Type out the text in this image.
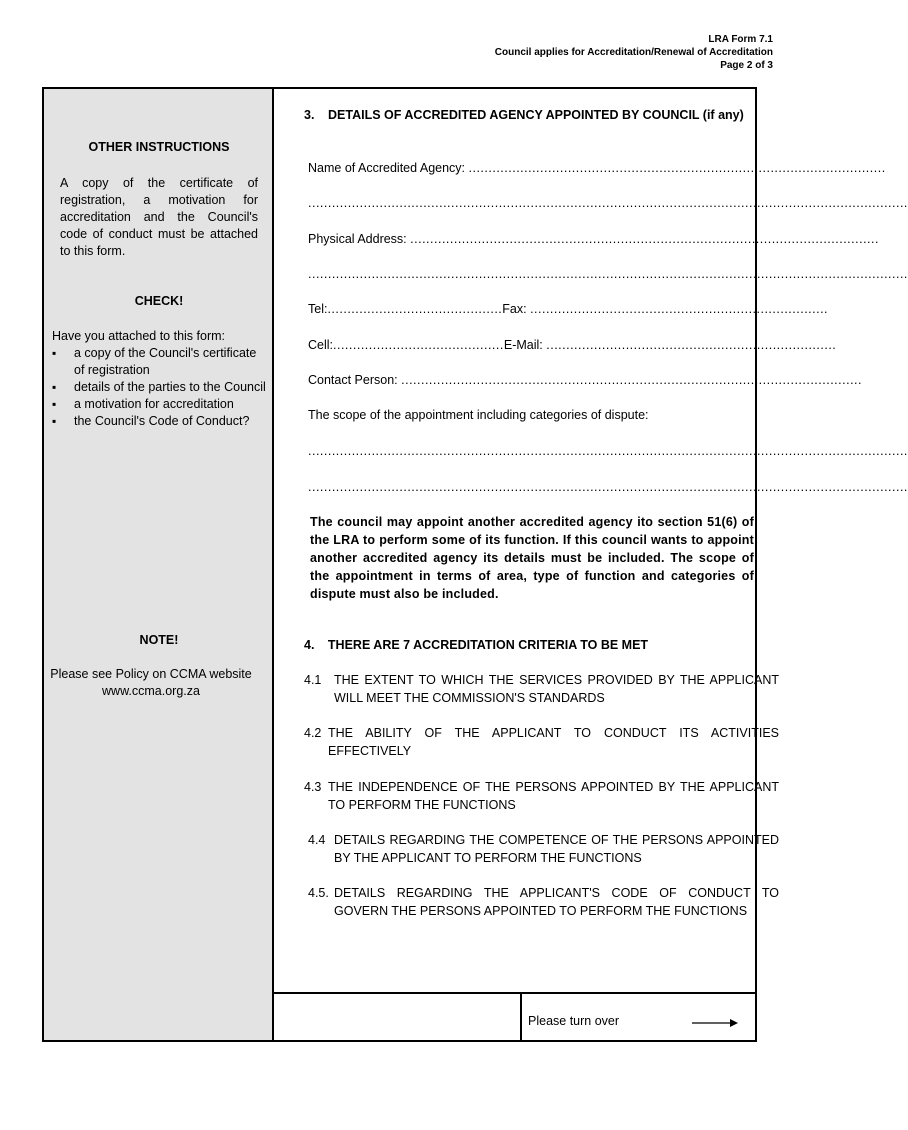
LRA Form 7.1
Council applies for Accreditation/Renewal of Accreditation
Page 2 of 3
OTHER INSTRUCTIONS
A copy of the certificate of registration, a motivation for accreditation and the Council's code of conduct must be attached to this form.
CHECK!
Have you attached to this form:
▪ a copy of the Council's certificate of registration
▪ details of the parties to the Council
▪ a motivation for accreditation
▪ the Council's Code of Conduct?
NOTE!
Please see Policy on CCMA website
www.ccma.org.za
3. DETAILS OF ACCREDITED AGENCY APPOINTED BY COUNCIL (if any)
Name of Accredited Agency: .........................................................................................................
.......................................................................................................................................................
Physical Address: ......................................................................................................................
.......................................................................................................................................................
Tel:............................................Fax: ...........................................................................
Cell:...........................................E-Mail: .........................................................................
Contact Person: ....................................................................................................................
The scope of the appointment including categories of dispute:
.......................................................................................................................................................
.......................................................................................................................................................
The council may appoint another accredited agency ito section 51(6) of the LRA to perform some of its function. If this council wants to appoint another accredited agency its details must be included. The scope of the appointment in terms of area, type of function and categories of dispute must also be included.
4. THERE ARE 7 ACCREDITATION CRITERIA TO BE MET
4.1 THE EXTENT TO WHICH THE SERVICES PROVIDED BY THE APPLICANT WILL MEET THE COMMISSION'S STANDARDS
4.2 THE ABILITY OF THE APPLICANT TO CONDUCT ITS ACTIVITIES EFFECTIVELY
4.3 THE INDEPENDENCE OF THE PERSONS APPOINTED BY THE APPLICANT TO PERFORM THE FUNCTIONS
4.4 DETAILS REGARDING THE COMPETENCE OF THE PERSONS APPOINTED BY THE APPLICANT TO PERFORM THE FUNCTIONS
4.5. DETAILS REGARDING THE APPLICANT'S CODE OF CONDUCT TO GOVERN THE PERSONS APPOINTED TO PERFORM THE FUNCTIONS
Please turn over
